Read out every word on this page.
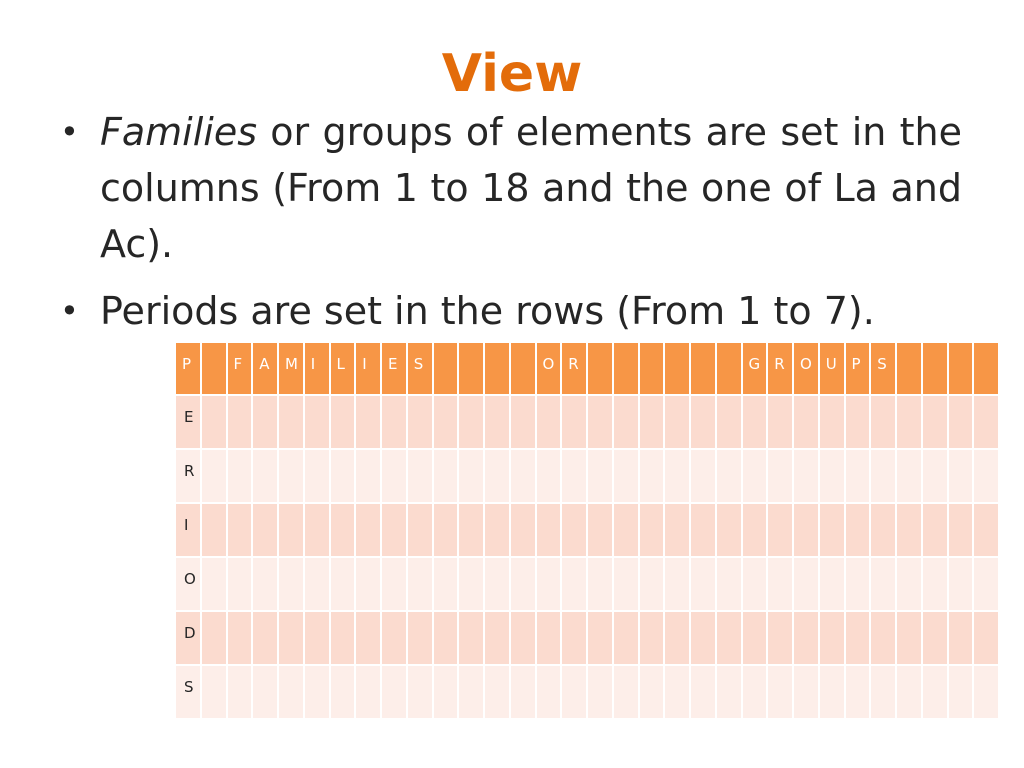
View
• Families or groups of elements are set in the columns (From 1 to 18 and the one of La and Ac).
• Periods are set in the rows (From 1 to 7).
P		F	A	M	I	L	I	E	S					O	R							G	R	O	U	P	S				
E																															
R																															
I																															
O																															
D																															
S																															
